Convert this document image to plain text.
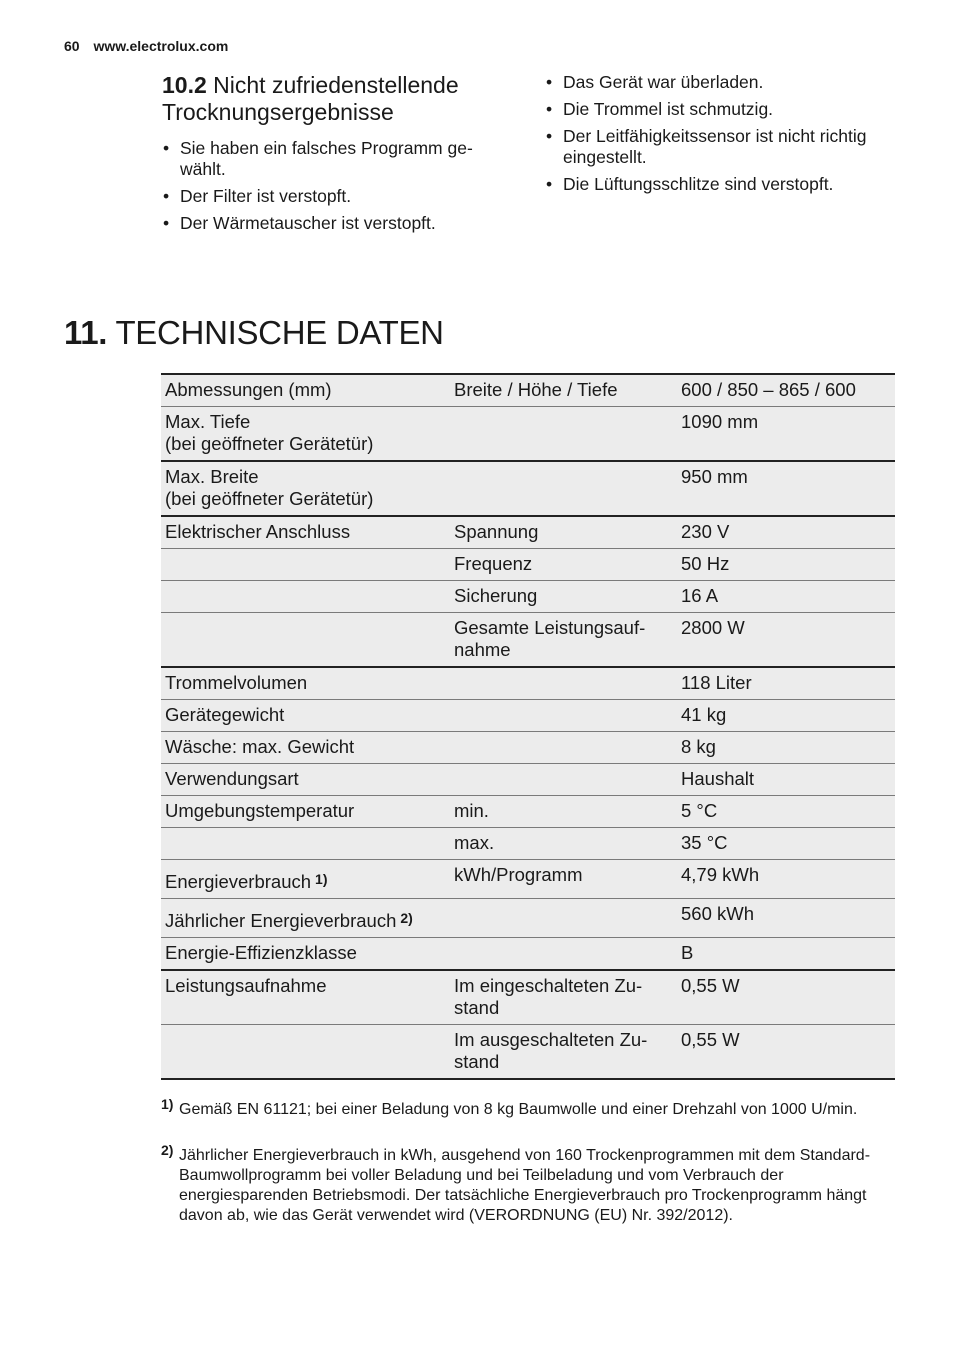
60 www.electrolux.com
10.2 Nicht zufriedenstellende Trocknungsergebnisse
• Sie haben ein falsches Programm ge-wählt.
• Der Filter ist verstopft.
• Der Wärmetauscher ist verstopft.
• Das Gerät war überladen.
• Die Trommel ist schmutzig.
• Der Leitfähigkeitssensor ist nicht richtig eingestellt.
• Die Lüftungsschlitze sind verstopft.
11. TECHNISCHE DATEN
Abmessungen (mm)	Breite / Höhe / Tiefe	600 / 850 – 865 / 600
Max. Tiefe
(bei geöffneter Gerätetür)		1090 mm
Max. Breite
(bei geöffneter Gerätetür)		950 mm
Elektrischer Anschluss	Spannung	230 V
	Frequenz	50 Hz
	Sicherung	16 A
	Gesamte Leistungsauf-nahme	2800 W
Trommelvolumen		118 Liter
Gerätegewicht		41 kg
Wäsche: max. Gewicht		8 kg
Verwendungsart		Haushalt
Umgebungstemperatur	min.	5 °C
	max.	35 °C
Energieverbrauch $^{1)}$	kWh/Programm	4,79 kWh
Jährlicher Energieverbrauch $^{2)}$		560 kWh
Energie-Effizienzklasse		B
Leistungsaufnahme	Im eingeschalteten Zu-stand	0,55 W
	Im ausgeschalteten Zu-stand	0,55 W
1) Gemäß EN 61121; bei einer Beladung von 8 kg Baumwolle und einer Drehzahl von 1000 U/min.
2) Jährlicher Energieverbrauch in kWh, ausgehend von 160 Trockenprogrammen mit dem Standard-Baumwollprogramm bei voller Beladung und bei Teilbeladung und vom Verbrauch der energiesparenden Betriebsmodi. Der tatsächliche Energieverbrauch pro Trockenprogramm hängt davon ab, wie das Gerät verwendet wird (VERORDNUNG (EU) Nr. 392/2012).
